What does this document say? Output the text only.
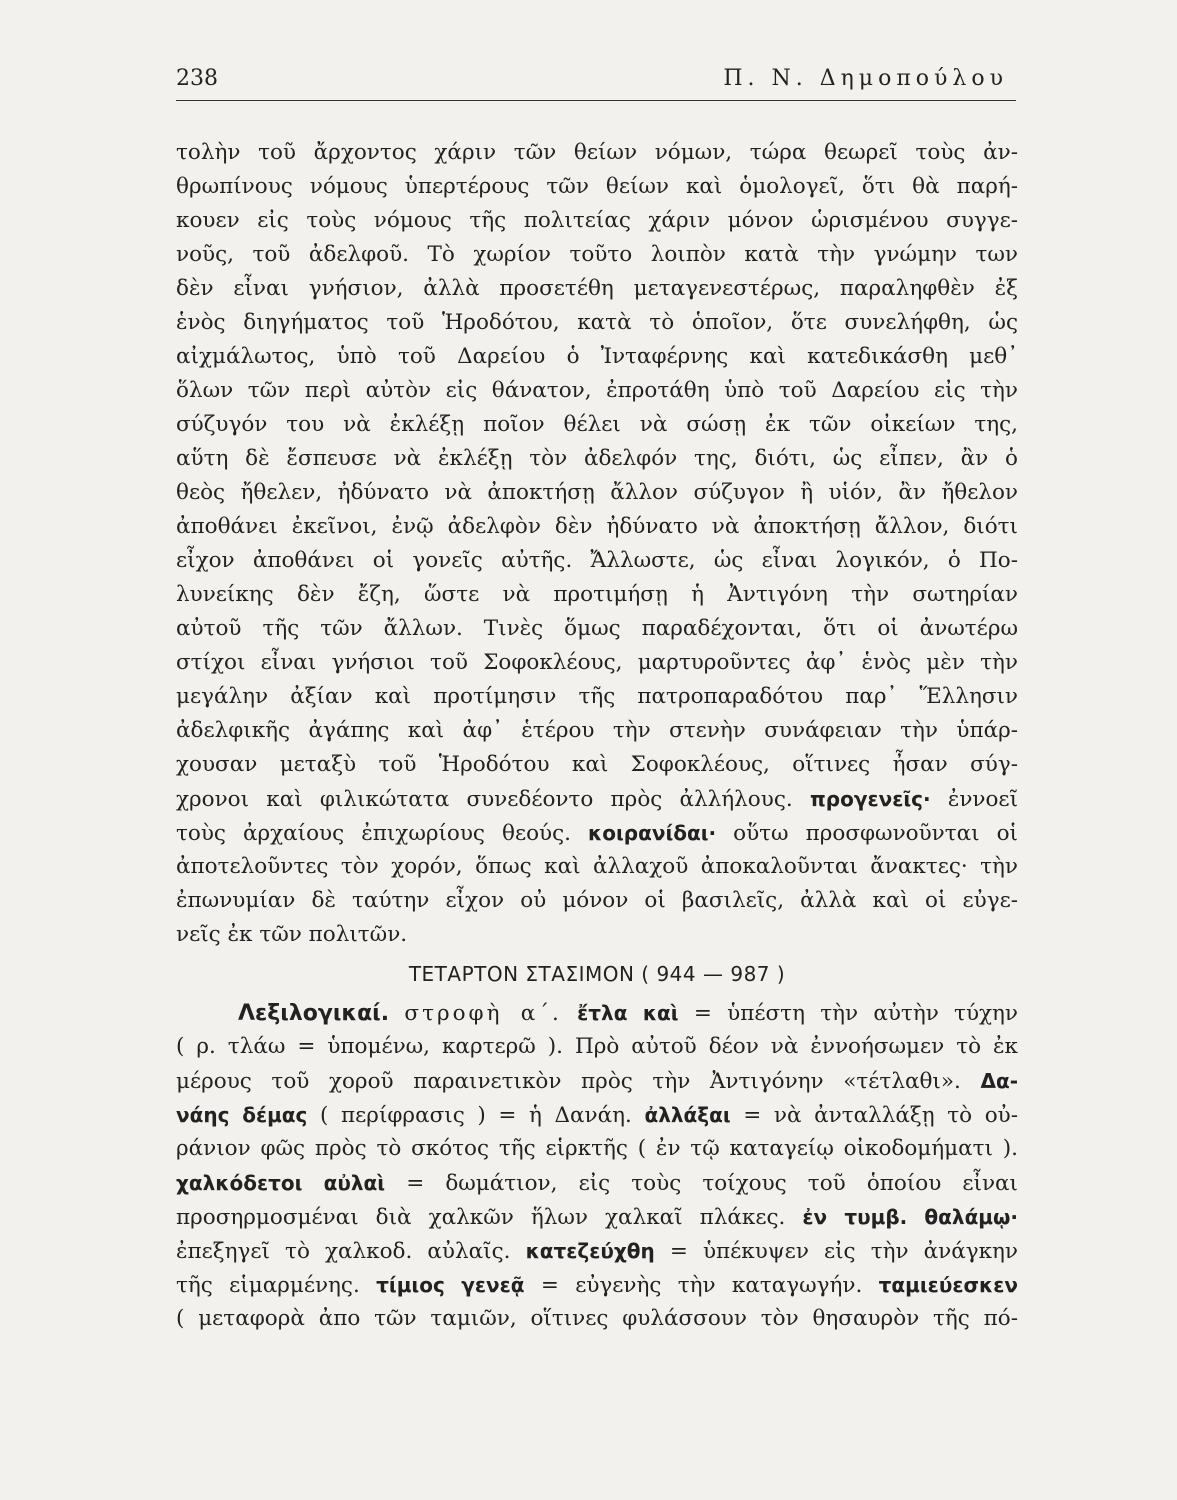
238	Π. Ν. Δημοπούλου
τολὴν τοῦ ἄρχοντος χάριν τῶν θείων νόμων, τώρα θεωρεῖ τοὺς ἀν-
θρωπίνους νόμους ὑπερτέρους τῶν θείων καὶ ὁμολογεῖ, ὅτι θὰ παρή-
κουεν εἰς τοὺς νόμους τῆς πολιτείας χάριν μόνον ὡρισμένου συγγε-
νοῦς, τοῦ ἀδελφοῦ. Τὸ χωρίον τοῦτο λοιπὸν κατὰ τὴν γνώμην των
δὲν εἶναι γνήσιον, ἀλλὰ προσετέθη μεταγενεστέρως, παραληφθὲν ἐξ
ἑνὸς διηγήματος τοῦ Ἡροδότου, κατὰ τὸ ὁποῖον, ὅτε συνελήφθη, ὡς
αἰχμάλωτος, ὑπὸ τοῦ Δαρείου ὁ Ἰνταφέρνης καὶ κατεδικάσθη μεθ᾿
ὅλων τῶν περὶ αὐτὸν εἰς θάνατον, ἐπροτάθη ὑπὸ τοῦ Δαρείου εἰς τὴν
σύζυγόν του νὰ ἐκλέξῃ ποῖον θέλει νὰ σώσῃ ἐκ τῶν οἰκείων της,
αὕτη δὲ ἔσπευσε νὰ ἐκλέξῃ τὸν ἀδελφόν της, διότι, ὡς εἶπεν, ἂν ὁ
θεὸς ἤθελεν, ἠδύνατο νὰ ἀποκτήσῃ ἄλλον σύζυγον ἢ υἱόν, ἂν ἤθελον
ἀποθάνει ἐκεῖνοι, ἐνῷ ἀδελφὸν δὲν ἠδύνατο νὰ ἀποκτήσῃ ἄλλον, διότι
εἶχον ἀποθάνει οἱ γονεῖς αὐτῆς. Ἄλλωστε, ὡς εἶναι λογικόν, ὁ Πο-
λυνείκης δὲν ἔζη, ὥστε νὰ προτιμήσῃ ἡ Ἀντιγόνη τὴν σωτηρίαν
αὐτοῦ τῆς τῶν ἄλλων. Τινὲς ὅμως παραδέχονται, ὅτι οἱ ἀνωτέρω
στίχοι εἶναι γνήσιοι τοῦ Σοφοκλέους, μαρτυροῦντες ἀφ᾿ ἑνὸς μὲν τὴν
μεγάλην ἀξίαν καὶ προτίμησιν τῆς πατροπαραδότου παρ᾿ Ἕλλησιν
ἀδελφικῆς ἀγάπης καὶ ἀφ᾿ ἑτέρου τὴν στενὴν συνάφειαν τὴν ὑπάρ-
χουσαν μεταξὺ τοῦ Ἡροδότου καὶ Σοφοκλέους, οἵτινες ἦσαν σύγ-
χρονοι καὶ φιλικώτατα συνεδέοντο πρὸς ἀλλήλους. προγενεῖς· ἐννοεῖ
τοὺς ἀρχαίους ἐπιχωρίους θεούς. κοιρανίδαι· οὕτω προσφωνοῦνται οἱ
ἀποτελοῦντες τὸν χορόν, ὅπως καὶ ἀλλαχοῦ ἀποκαλοῦνται ἄνακτες· τὴν
ἐπωνυμίαν δὲ ταύτην εἶχον οὐ μόνον οἱ βασιλεῖς, ἀλλὰ καὶ οἱ εὐγε-
νεῖς ἐκ τῶν πολιτῶν.
ΤΕΤΑΡΤΟΝ ΣΤΑΣΙΜΟΝ ( 944 — 987 )
Λεξιλογικαί. στροφὴ α΄. ἔτλα καὶ = ὑπέστη τὴν αὐτὴν τύχην
( ρ. τλάω = ὑπομένω, καρτερῶ ). Πρὸ αὐτοῦ δέον νὰ ἐννοήσωμεν τὸ ἐκ
μέρους τοῦ χοροῦ παραινετικὸν πρὸς τὴν Ἀντιγόνην «τέτλαθι». Δα-
νάης δέμας ( περίφρασις ) = ἡ Δανάη. ἀλλάξαι = νὰ ἀνταλλάξῃ τὸ οὐ-
ράνιον φῶς πρὸς τὸ σκότος τῆς εἱρκτῆς ( ἐν τῷ καταγείῳ οἰκοδομήματι ).
χαλκόδετοι αὐλαὶ = δωμάτιον, εἰς τοὺς τοίχους τοῦ ὁποίου εἶναι
προσηρμοσμέναι διὰ χαλκῶν ἥλων χαλκαῖ πλάκες. ἐν τυμβ. θαλάμῳ·
ἐπεξηγεῖ τὸ χαλκοδ. αὐλαῖς. κατεζεύχθη = ὑπέκυψεν εἰς τὴν ἀνάγκην
τῆς εἱμαρμένης. τίμιος γενεᾷ = εὐγενὴς τὴν καταγωγήν. ταμιεύεσκεν
( μεταφορὰ ἀπο τῶν ταμιῶν, οἵτινες φυλάσσουν τὸν θησαυρὸν τῆς πό-
